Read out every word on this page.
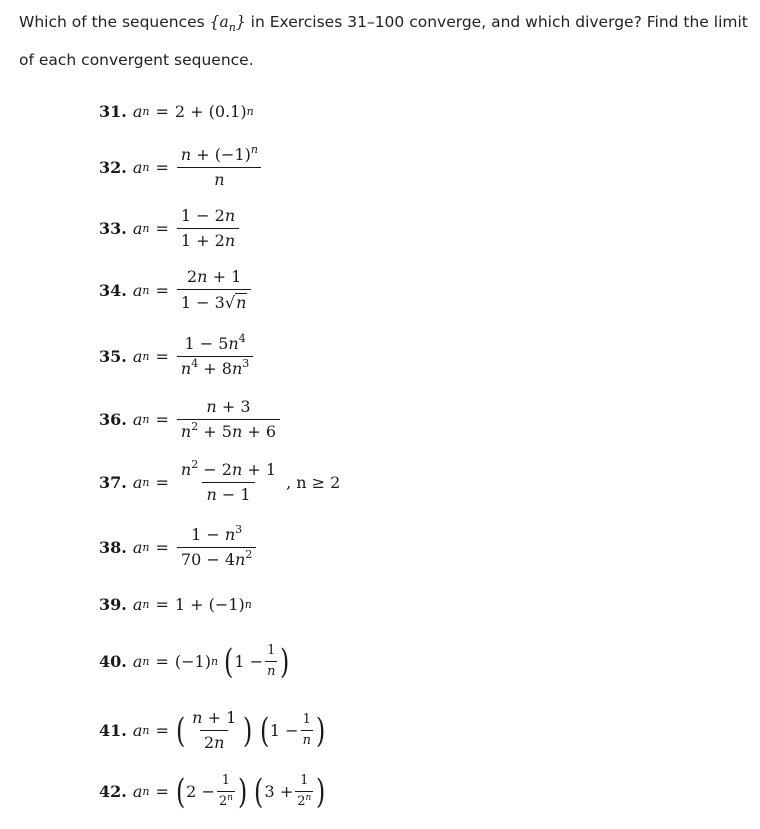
Which of the sequences $\{a_n\}$ in Exercises 31–100 converge, and which diverge? Find the limit of each convergent sequence.
31. a n = 2
+
(0.1) n
32. a $n = \frac{n + (-1)^n}{n}$
33. a $n = \frac{1 - 2n}{1 + 2n}$
34. a $n = \frac{2n + 1}{1 - 3 √ n}$
35. a $n = \frac{1 - 5n^4}{n^4 + 8n^3}$
36. a $n = \frac{n + 3}{n^2 + 5n + 6}$
37. a $n = \frac{n^2 - 2n + 1}{n - 1}$ , n ≥ 2
38. a $n = \frac{1 - n^3}{70 - 4n^2}$
39. a n = 1
+
(−1) n
40. a n = (−1) n
( 1
− $\frac{1}{n}$ )
41. a n = ( $\frac{n + 1}{2n}$ )
( 1
− $\frac{1}{n}$ )
42. a n = ( 2
− $\frac{1}{2^n}$ )
( 3
+ $\frac{1}{2^n}$ )
